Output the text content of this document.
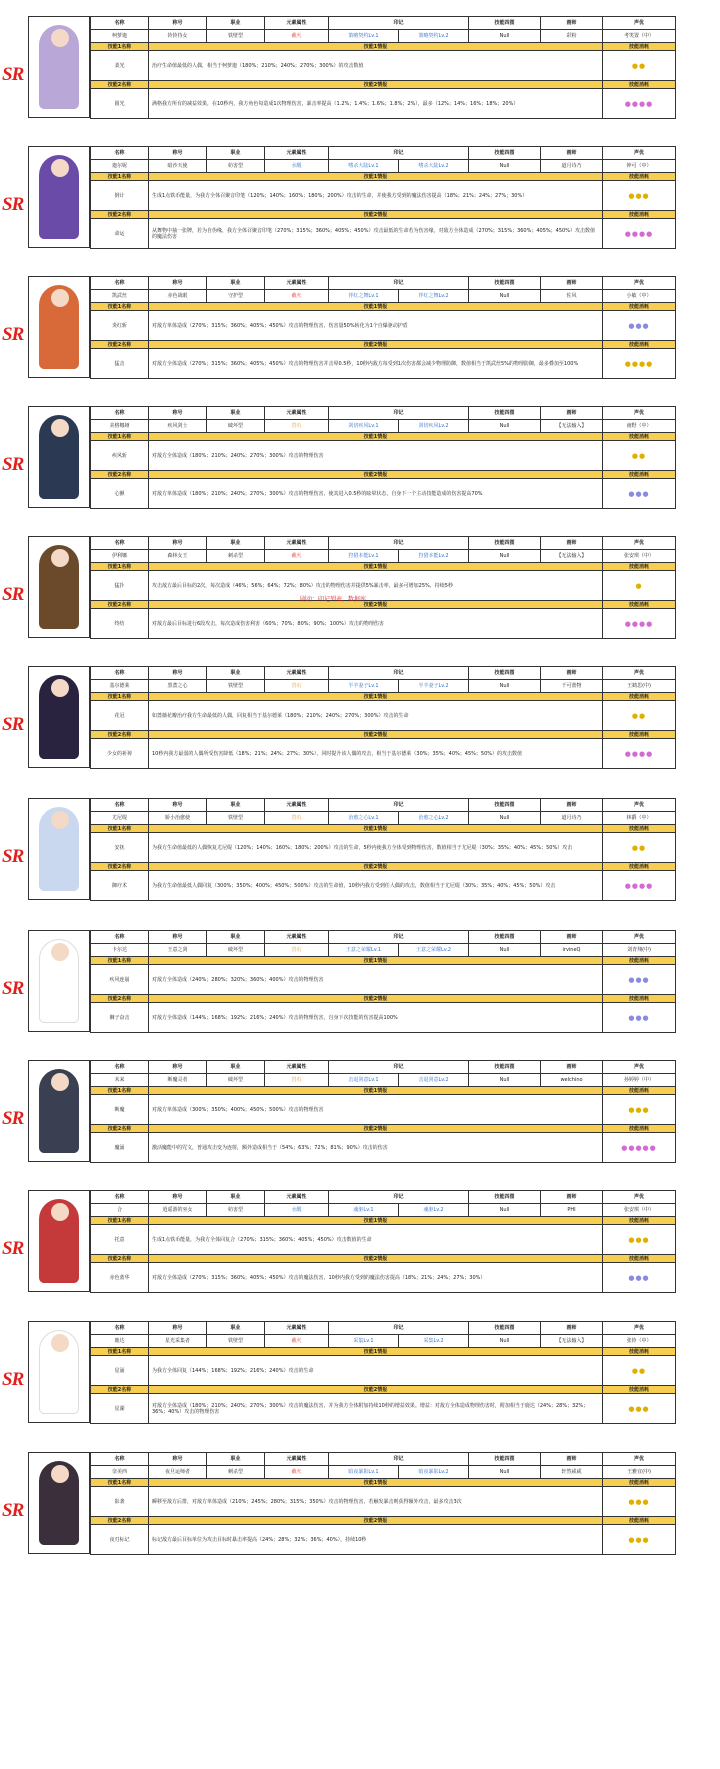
SR
名称	称号	职业	元素属性	印记		技能四图	画师	声优
柯萝迦	铃铃待女	铁壁型	截火	策略契约Lv.1	策略契约Lv.2	Null	彩粉	考笑置（中）
技能1名称	技能1情报							技能消耗
柔光	治疗生命值最低的人偶，相当于柯萝迦（180%；210%；240%；270%；300%）的攻击数值							●●
技能2名称	技能2情报							技能消耗
圆光	满格我方所有的减益效果，在10秒内，我方角色每造成1次物理伤害，暴击率提高（1.2%；1.4%；1.6%；1.8%；2%），最多（12%；14%；16%；18%；20%）							●●●●
SR
名称	称号	职业	元素属性	印记		技能四图	画师	声优
迦尔妮	暗沙天使	妨害型	水醒	嗜杀大陆Lv.1	嗜杀大陆Lv.2	Null	道月诗乃	钟可（中）
技能1名称	技能1情报							技能消耗
倒计	生成1点铁币能量，为我方全体召聚音印笔（120%；140%；160%；180%；200%）攻击的生命，并使我方受到的魔法伤害提高（18%；21%；24%；27%；30%）							●●●
技能2名称	技能2情报							技能消耗
命运	从舞物中抽一张牌，若为自伪缘，我方全体召聚音印笔（270%；315%；360%；405%；450%）攻击最低的生命若为伤害缘，对敌方全体造成（270%；315%；360%；405%；450%）攻击数值的魔法伤害							●●●●
SR
名称	称号	职业	元素属性	印记		技能四图	画师	声优
凯武丝	赤色战眼	守护型	截火	伴红之舞Lv.1	伴红之舞Lv.2	Null	佐风	小敏（中）
技能1名称	技能1情报							技能消耗
炎红斩	对敌方单体造成（270%；315%；360%；405%；450%）攻击的物理伤害，伤害量50%转化为1个自爆驱动护盾							●●●
技能2名称	技能2情报							技能消耗
猛击	对敌方全体造成（270%；315%；360%；405%；450%）攻击的物理伤害并击晕0.5秒，10秒内敌方每受到1次伤害都会减少物理防御，数值相当于凯武丝5%的物理防御，最多叠加至100%							●●●●
SR
名称	称号	职业	元素属性	印记		技能四图	画师	声优
美格娜娅	疾风剑士	破坏型	岩石	剑切疾风Lv.1	剑切疾风Lv.2	Null	【无法输入】	南野（中）
技能1名称	技能1情报							技能消耗
疾风斩	对敌方全体造成（180%；210%；240%；270%；300%）攻击的物理伤害							●●
技能2名称	技能2情报							技能消耗
心颤	对敌方单体造成（180%；210%；240%；270%；300%）攻击的物理伤害，使其进入0.5秒的眩晕状态，自身下一个主动技能造成的伤害提高70%							●●●
SR
名称	称号	职业	元素属性	印记		技能四图	画师	声优
伊利娜	森林女王	刺杀型	截火	狩猎本能Lv.1	狩猎本能Lv.2	Null	【无法输入】	张安琪（中）
技能1名称	技能1情报							技能消耗
猛扑	攻击敌方最后目标的2次，每次造成（46%；56%；64%；72%；80%）攻击的物理伤害并提供5%暴击率，最多可增加25%，持续5秒							●
技能2名称	技能2情报							技能消耗
终结	对敌方最后目标进行6段攻击，每次造成伤害利害（60%；70%；80%；90%；100%）攻击的物理伤害							●●●●
SR
名称	称号	职业	元素属性	印记		技能四图	画师	声优
基尔德莱	黑蔷之心	铁壁型	岩石	半羊妻子Lv.1	半羊妻子Lv.2	Null	千可蕾物	王鹤思(中)
技能1名称	技能1情报							技能消耗
花冠	如蔷薇花瓣治疗我方生命最低的人偶，回复相当于基尔德莱（180%；210%；240%；270%；300%）攻击的生命							●●
技能2名称	技能2情报							技能消耗
少女的祈祷	10秒内我方最弱的人偶所受伤害降低（18%；21%；24%；27%；30%），同时提升该人偶的攻击，相当于基尔德莱（30%；35%；40%；45%；50%）的攻击数值							●●●●
SR
名称	称号	职业	元素属性	印记		技能四图	画师	声优
尤尼缇	娇小治愈使	铁壁型	岩石	治愈之心Lv.1	治愈之心Lv.2	Null	道月诗乃	林爵（中）
技能1名称	技能1情报							技能消耗
安抚	为我方生命值最低的人偶恢复尤尼缇（120%；140%；160%；180%；200%）攻击的生命，5秒内使我方全体受到物理伤害，数值相当于尤尼缇（30%；35%；40%；45%；50%）攻击							●●
技能2名称	技能2情报							技能消耗
御疗术	为我方生命值最低人偶回复（300%；350%；400%；450%；500%）攻击的生命值，10秒内我方受到任人偶的攻击，数值相当于尤尼缇（30%；35%；40%；45%；50%）攻击							●●●●
SR
名称	称号	职业	元素属性	印记		技能四图	画师	声优
卡尔达	王意之剑	破坏型	岩石	王意之荣耀Lv.1	王意之荣耀Lv.2	Null	irvineQ	刘青翔(中)
技能1名称	技能1情报							技能消耗
疾风连崩	对敌方全体造成（240%；280%；320%；360%；400%）攻击的物理伤害							●●●
技能2名称	技能2情报							技能消耗
狮子奋击	对敌方全体造成（144%；168%；192%；216%；240%）攻击的物理伤害，自身下次技能的伤害提高100%							●●●
SR
名称	称号	职业	元素属性	印记		技能四图	画师	声优
未来	断魔灵者	破坏型	岩石	击退剑意Lv.1	击退剑意Lv.2	Null	welchino	孙婷婷（中）
技能1名称	技能1情报							技能消耗
断魔	对敌方单体造成（300%；350%；400%；450%；500%）攻击的物理伤害							●●●
技能2名称	技能2情报							技能消耗
魔涌	激活魔能中的咒文，普通攻击变为连射，额外造成相当于（54%；63%；72%；81%；90%）攻击的伤害							●●●●●
SR
名称	称号	职业	元素属性	印记		技能四图	画师	声优
合	逍遥游的巫女	妨害型	水醒	魂驱Lv.1	魂驱Lv.2	Null	PHI	张安琪（中）
技能1名称	技能1情报							技能消耗
托意	生成1点铁币能量，为我方全体回复合（270%；315%；360%；405%；450%）攻击数值的生命							●●●
技能2名称	技能2情报							技能消耗
赤色蓝华	对敌方全体造成（270%；315%；360%；405%；450%）攻击的魔法伤害，10秒内我方受到的魔法伤害提高（18%；21%；24%；27%；30%）							●●●
SR
名称	称号	职业	元素属性	印记		技能四图	画师	声优
鹿达	星光采集者	铁壁型	截火	采集Lv.1	采集Lv.2	Null	【无法输入】	张铃（中）
技能1名称	技能1情报							技能消耗
星涌	为我方全体回复（144%；168%；192%；216%；240%）攻击的生命							●●
技能2名称	技能2情报							技能消耗
星湖	对敌方全体造成（180%；210%；240%；270%；300%）攻击的魔法伤害，并为我方全体附加持续10秒的增益效果。增益：对敌方全体造成物理伤害时，附加相当于鹿达（24%；28%；32%；36%；40%）攻击的物理伤害							●●●
SR
名称	称号	职业	元素属性	印记		技能四图	画师	声优
奈美西	夜旦运师者	刺杀型	截火	暗夜暴影Lv.1	暗夜暴影Lv.2	Null	轩然咸咸	王雅宜(中)
技能1名称	技能1情报							技能消耗
影袭	瞬移至敌方后排，对敌方单体造成（210%；245%；280%；315%；350%）攻击的物理伤害，若触发暴击则获得额外攻击，最多攻击3次							●●●
技能2名称	技能2情报							技能消耗
夜刃标记	标记敌方最后目标单位为攻击目标时暴击率提高（24%；28%；32%；36%；40%），持续10秒							●●●
剧动：印记列表，数据库
